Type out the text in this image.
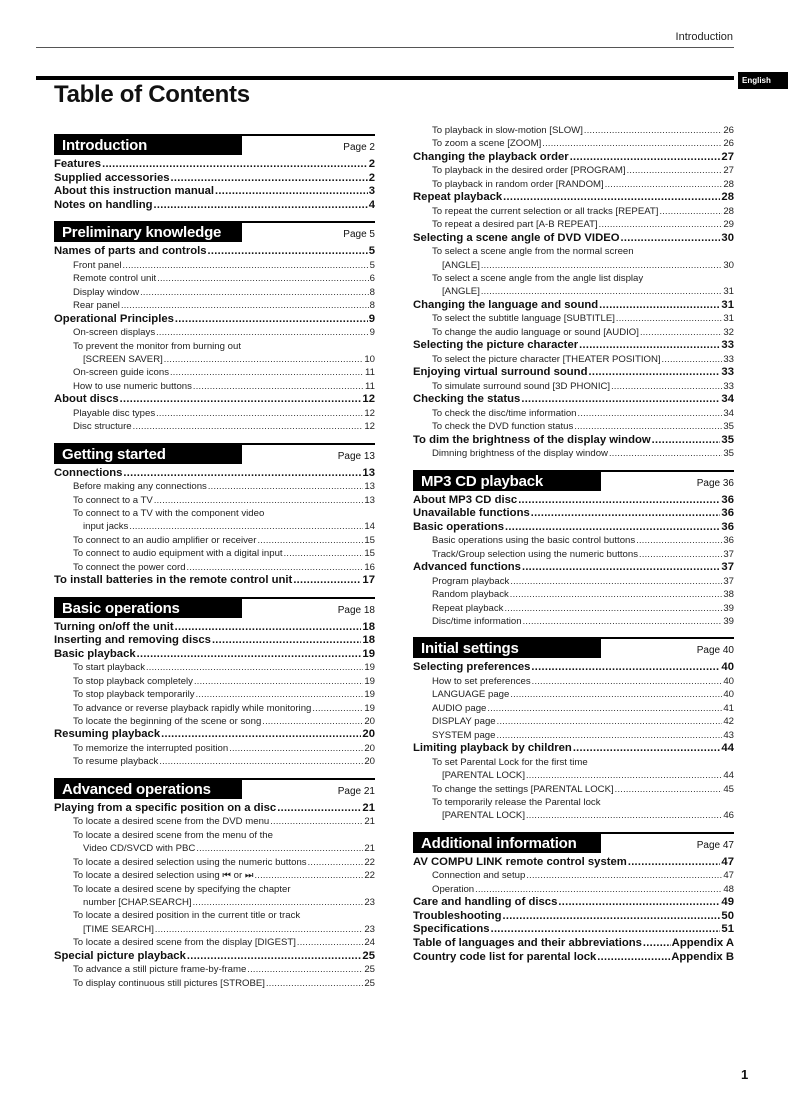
Introduction
English
Table of Contents
Introduction	Page 2
Features .....	2
Supplied accessories .....	2
About this instruction manual .....	3
Notes on handling .....	4
Preliminary knowledge	Page 5
Names of parts and controls .....	5
Front panel .....	5
Remote control unit .....	6
Display window .....	8
Rear panel .....	8
Operational Principles .....	9
On-screen displays .....	9
To prevent the monitor from burning out
[SCREEN SAVER] .....	10
On-screen guide icons .....	11
How to use numeric buttons .....	11
About discs .....	12
Playable disc types .....	12
Disc structure .....	12
Getting started	Page 13
Connections .....	13
Before making any connections .....	13
To connect to a TV .....	13
To connect to a TV with the component video
input jacks .....	14
To connect to an audio amplifier or receiver .....	15
To connect to audio equipment with a digital input .....	15
To connect the power cord .....	16
To install batteries in the remote control unit .....	17
Basic operations	Page 18
Turning on/off the unit .....	18
Inserting and removing discs .....	18
Basic playback .....	19
To start playback .....	19
To stop playback completely .....	19
To stop playback temporarily .....	19
To advance or reverse playback rapidly while monitoring .....	19
To locate the beginning of the scene or song .....	20
Resuming playback .....	20
To memorize the interrupted position .....	20
To resume playback .....	20
Advanced operations	Page 21
Playing from a specific position on a disc .....	21
To locate a desired scene from the DVD menu .....	21
To locate a desired scene from the menu of the
Video CD/SVCD with PBC .....	21
To locate a desired selection using the numeric buttons .....	22
To locate a desired selection using ⏮ or ⏭ .....	22
To locate a desired scene by specifying the chapter
number [CHAP.SEARCH] .....	23
To locate a desired position in the current title or track
[TIME SEARCH] .....	23
To locate a desired scene from the display [DIGEST] .....	24
Special picture playback .....	25
To advance a still picture frame-by-frame .....	25
To display continuous still pictures [STROBE] .....	25
To playback in slow-motion [SLOW] .....	26
To zoom a scene [ZOOM] .....	26
Changing the playback order .....	27
To playback in the desired order [PROGRAM] .....	27
To playback in random order [RANDOM] .....	28
Repeat playback .....	28
To repeat the current selection or all tracks [REPEAT] .....	28
To repeat a desired part [A-B REPEAT] .....	29
Selecting a scene angle of DVD VIDEO .....	30
To select a scene angle from the normal screen
[ANGLE] .....	30
To select a scene angle from the angle list display
[ANGLE] .....	31
Changing the language and sound .....	31
To select the subtitle language [SUBTITLE] .....	31
To change the audio language or sound [AUDIO] .....	32
Selecting the picture character .....	33
To select the picture character [THEATER POSITION] .....	33
Enjoying virtual surround sound .....	33
To simulate surround sound [3D PHONIC] .....	33
Checking the status .....	34
To check the disc/time information .....	34
To check the DVD function status .....	35
To dim the brightness of the display window .....	35
Dimning brightness of the display window .....	35
MP3 CD playback	Page 36
About MP3 CD disc .....	36
Unavailable functions .....	36
Basic operations .....	36
Basic operations using the basic control buttons .....	36
Track/Group selection using the numeric buttons .....	37
Advanced functions .....	37
Program playback .....	37
Random playback .....	38
Repeat playback .....	39
Disc/time information .....	39
Initial settings	Page 40
Selecting preferences .....	40
How to set preferences .....	40
LANGUAGE page .....	40
AUDIO page .....	41
DISPLAY page .....	42
SYSTEM page .....	43
Limiting playback by children .....	44
To set Parental Lock for the first time
[PARENTAL LOCK] .....	44
To change the settings [PARENTAL LOCK] .....	45
To temporarily release the Parental lock
[PARENTAL LOCK] .....	46
Additional information	Page 47
AV COMPU LINK remote control system .....	47
Connection and setup .....	47
Operation .....	48
Care and handling of discs .....	49
Troubleshooting .....	50
Specifications .....	51
Table of languages and their abbreviations .....	Appendix A
Country code list for parental lock .....	Appendix B
1
